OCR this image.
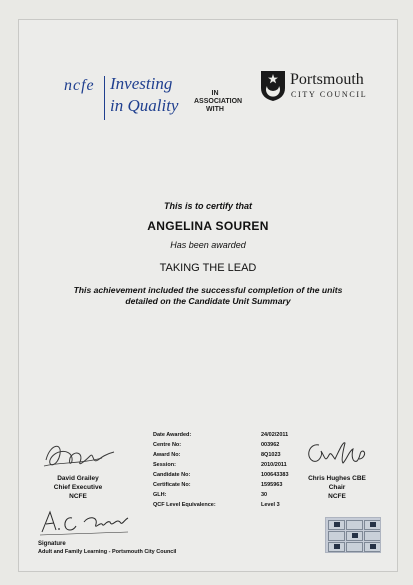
ncfe Investing
in Quality
IN
ASSOCIATION
WITH
Portsmouth
CITY COUNCIL
This is to certify that
ANGELINA SOUREN
Has been awarded
TAKING THE LEAD
This achievement included the successful completion of the units
detailed on the Candidate Unit Summary
Date Awarded:	24/02/2011
Centre No:	003962
Award No:	8Q1023
Session:	2010/2011
Candidate No:	100643383
Certificate No:	1595963
GLH:	30
QCF Level Equivalence:	Level 3
David Grailey
Chief Executive
NCFE
Chris Hughes CBE
Chair
NCFE
Signature
Adult and Family Learning - Portsmouth City Council
